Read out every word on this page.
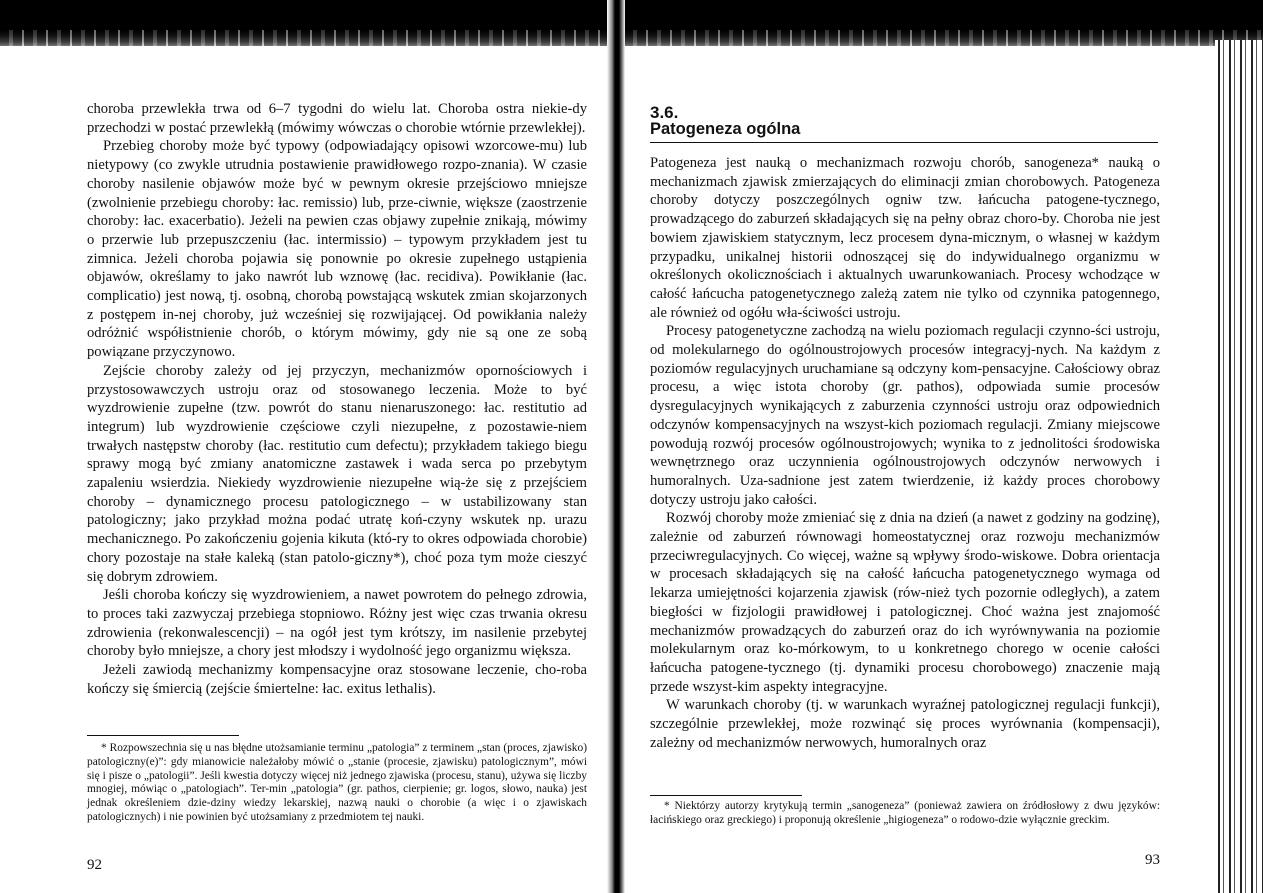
choroba przewlekła trwa od 6–7 tygodni do wielu lat. Choroba ostra niekie-dy przechodzi w postać przewlekłą (mówimy wówczas o chorobie wtórnie przewlekłej).

Przebieg choroby może być typowy (odpowiadający opisowi wzorcowe-mu) lub nietypowy (co zwykle utrudnia postawienie prawidłowego rozpo-znania). W czasie choroby nasilenie objawów może być w pewnym okresie przejściowo mniejsze (zwolnienie przebiegu choroby: łac. remissio) lub, prze-ciwnie, większe (zaostrzenie choroby: łac. exacerbatio). Jeżeli na pewien czas objawy zupełnie znikają, mówimy o przerwie lub przepuszczeniu (łac. intermissio) – typowym przykładem jest tu zimnica. Jeżeli choroba pojawia się ponownie po okresie zupełnego ustąpienia objawów, określamy to jako nawrót lub wznowę (łac. recidiva). Powikłanie (łac. complicatio) jest nową, tj. osobną, chorobą powstającą wskutek zmian skojarzonych z postępem in-nej choroby, już wcześniej się rozwijającej. Od powikłania należy odróżnić współistnienie chorób, o którym mówimy, gdy nie są one ze sobą powiązane przyczynowo.

Zejście choroby zależy od jej przyczyn, mechanizmów opornościowych i przystosowawczych ustroju oraz od stosowanego leczenia. Może to być wyzdrowienie zupełne (tzw. powrót do stanu nienaruszonego: łac. restitutio ad integrum) lub wyzdrowienie częściowe czyli niezupełne, z pozostawie-niem trwałych następstw choroby (łac. restitutio cum defectu); przykładem takiego biegu sprawy mogą być zmiany anatomiczne zastawek i wada serca po przebytym zapaleniu wsierdzia. Niekiedy wyzdrowienie niezupełne wią-że się z przejściem choroby – dynamicznego procesu patologicznego – w ustabilizowany stan patologiczny; jako przykład można podać utratę koń-czyny wskutek np. urazu mechanicznego. Po zakończeniu gojenia kikuta (któ-ry to okres odpowiada chorobie) chory pozostaje na stałe kaleką (stan patolo-giczny*), choć poza tym może cieszyć się dobrym zdrowiem.

Jeśli choroba kończy się wyzdrowieniem, a nawet powrotem do pełnego zdrowia, to proces taki zazwyczaj przebiega stopniowo. Różny jest więc czas trwania okresu zdrowienia (rekonwalescencji) – na ogół jest tym krótszy, im nasilenie przebytej choroby było mniejsze, a chory jest młodszy i wydolność jego organizmu większa.

Jeżeli zawiodą mechanizmy kompensacyjne oraz stosowane leczenie, cho-roba kończy się śmiercią (zejście śmiertelne: łac. exitus lethalis).

* Rozpowszechnia się u nas błędne utożsamianie terminu „patologia” z terminem „stan (proces, zjawisko) patologiczny(e)”: gdy mianowicie należałoby mówić o „stanie (procesie, zjawisku) patologicznym”, mówi się i pisze o „patologii”. Jeśli kwestia dotyczy więcej niż jednego zjawiska (procesu, stanu), używa się liczby mnogiej, mówiąc o „patologiach”. Ter-min „patologia” (gr. pathos, cierpienie; gr. logos, słowo, nauka) jest jednak określeniem dzie-dziny wiedzy lekarskiej, nazwą nauki o chorobie (a więc i o zjawiskach patologicznych) i nie powinien być utożsamiany z przedmiotem tej nauki.

92
3.6.
Patogeneza ogólna

Patogeneza jest nauką o mechanizmach rozwoju chorób, sanogeneza* nauką o mechanizmach zjawisk zmierzających do eliminacji zmian chorobowych. Patogeneza choroby dotyczy poszczególnych ogniw tzw. łańcucha patogene-tycznego, prowadzącego do zaburzeń składających się na pełny obraz choro-by. Choroba nie jest bowiem zjawiskiem statycznym, lecz procesem dyna-micznym, o własnej w każdym przypadku, unikalnej historii odnoszącej się do indywidualnego organizmu w określonych okolicznościach i aktualnych uwarunkowaniach. Procesy wchodzące w całość łańcucha patogenetycznego zależą zatem nie tylko od czynnika patogennego, ale również od ogółu wła-ściwości ustroju.

Procesy patogenetyczne zachodzą na wielu poziomach regulacji czynno-ści ustroju, od molekularnego do ogólnoustrojowych procesów integracyj-nych. Na każdym z poziomów regulacyjnych uruchamiane są odczyny kom-pensacyjne. Całościowy obraz procesu, a więc istota choroby (gr. pathos), odpowiada sumie procesów dysregulacyjnych wynikających z zaburzenia czynności ustroju oraz odpowiednich odczynów kompensacyjnych na wszyst-kich poziomach regulacji. Zmiany miejscowe powodują rozwój procesów ogólnoustrojowych; wynika to z jednolitości środowiska wewnętrznego oraz uczynnienia ogólnoustrojowych odczynów nerwowych i humoralnych. Uza-sadnione jest zatem twierdzenie, iż każdy proces chorobowy dotyczy ustroju jako całości.

Rozwój choroby może zmieniać się z dnia na dzień (a nawet z godziny na godzinę), zależnie od zaburzeń równowagi homeostatycznej oraz rozwoju mechanizmów przeciwregulacyjnych. Co więcej, ważne są wpływy środo-wiskowe. Dobra orientacja w procesach składających się na całość łańcucha patogenetycznego wymaga od lekarza umiejętności kojarzenia zjawisk (rów-nież tych pozornie odległych), a zatem biegłości w fizjologii prawidłowej i patologicznej. Choć ważna jest znajomość mechanizmów prowadzących do zaburzeń oraz do ich wyrównywania na poziomie molekularnym oraz ko-mórkowym, to u konkretnego chorego w ocenie całości łańcucha patogene-tycznego (tj. dynamiki procesu chorobowego) znaczenie mają przede wszyst-kim aspekty integracyjne.

W warunkach choroby (tj. w warunkach wyraźnej patologicznej regulacji funkcji), szczególnie przewlekłej, może rozwinąć się proces wyrównania (kompensacji), zależny od mechanizmów nerwowych, humoralnych oraz

* Niektórzy autorzy krytykują termin „sanogeneza” (ponieważ zawiera on źródłosłowy z dwu języków: łacińskiego oraz greckiego) i proponują określenie „higiogeneza” o rodowo-dzie wyłącznie greckim.

93
